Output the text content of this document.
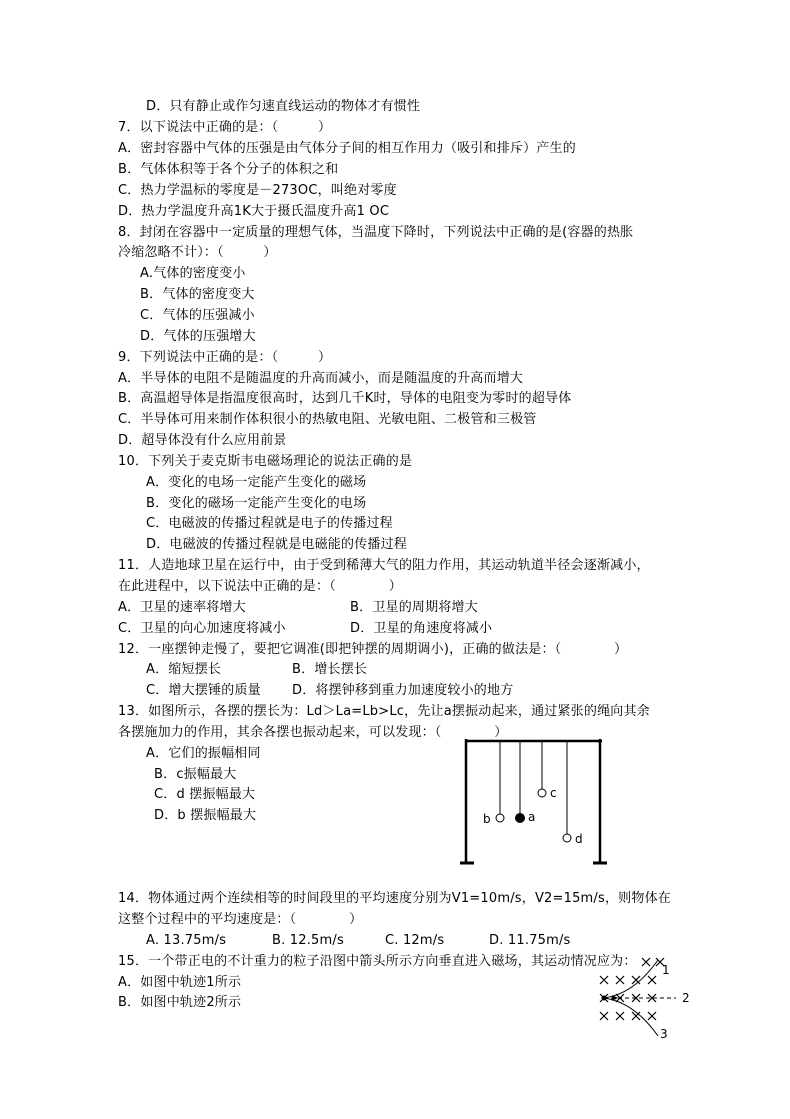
D．只有静止或作匀速直线运动的物体才有惯性
7．以下说法中正确的是：（　　　）
A．密封容器中气体的压强是由气体分子间的相互作用力（吸引和排斥）产生的
B．气体体积等于各个分子的体积之和
C．热力学温标的零度是－273OC，叫绝对零度
D．热力学温度升高1K大于摄氏温度升高1 OC
8．封闭在容器中一定质量的理想气体，当温度下降时，下列说法中正确的是(容器的热胀
冷缩忽略不计）：（　　　）
A.气体的密度变小
B．气体的密度变大
C．气体的压强减小
D．气体的压强增大
9．下列说法中正确的是：（　　　）
A．半导体的电阻不是随温度的升高而减小，而是随温度的升高而增大
B．高温超导体是指温度很高时，达到几千K时，导体的电阻变为零时的超导体
C．半导体可用来制作体积很小的热敏电阻、光敏电阻、二极管和三极管
D．超导体没有什么应用前景
10．下列关于麦克斯韦电磁场理论的说法正确的是
A．变化的电场一定能产生变化的磁场
B．变化的磁场一定能产生变化的电场
C．电磁波的传播过程就是电子的传播过程
D．电磁波的传播过程就是电磁能的传播过程
11．人造地球卫星在运行中，由于受到稀薄大气的阻力作用，其运动轨道半径会逐渐减小，
在此进程中，以下说法中正确的是：（　　　　）
A．卫星的速率将增大	B．卫星的周期将增大
C．卫星的向心加速度将减小	D．卫星的角速度将减小
12．一座摆钟走慢了，要把它调准(即把钟摆的周期调小)，正确的做法是：（　　　　）
A．缩短摆长	B．增长摆长
C．增大摆锤的质量 D．将摆钟移到重力加速度较小的地方
13．如图所示，各摆的摆长为：Ld＞La=Lb>Lc，先让a摆振动起来，通过紧张的绳向其余
各摆施加力的作用，其余各摆也振动起来，可以发现：（　　　　）
A．它们的振幅相同
B．c振幅最大
C．d 摆振幅最大
D．b 摆振幅最大	b	a
c
d
14．物体通过两个连续相等的时间段里的平均速度分别为V1=10m/s，V2=15m/s，则物体在
这整个过程中的平均速度是：（　　　　）
A. 13.75m/s	B. 12.5m/s	C. 12m/s	D. 11.75m/s
15．一个带正电的不计重力的粒子沿图中箭头所示方向垂直进入磁场，其运动情况应为：
A．如图中轨迹1所示
B．如图中轨迹2所示
1
2
3
